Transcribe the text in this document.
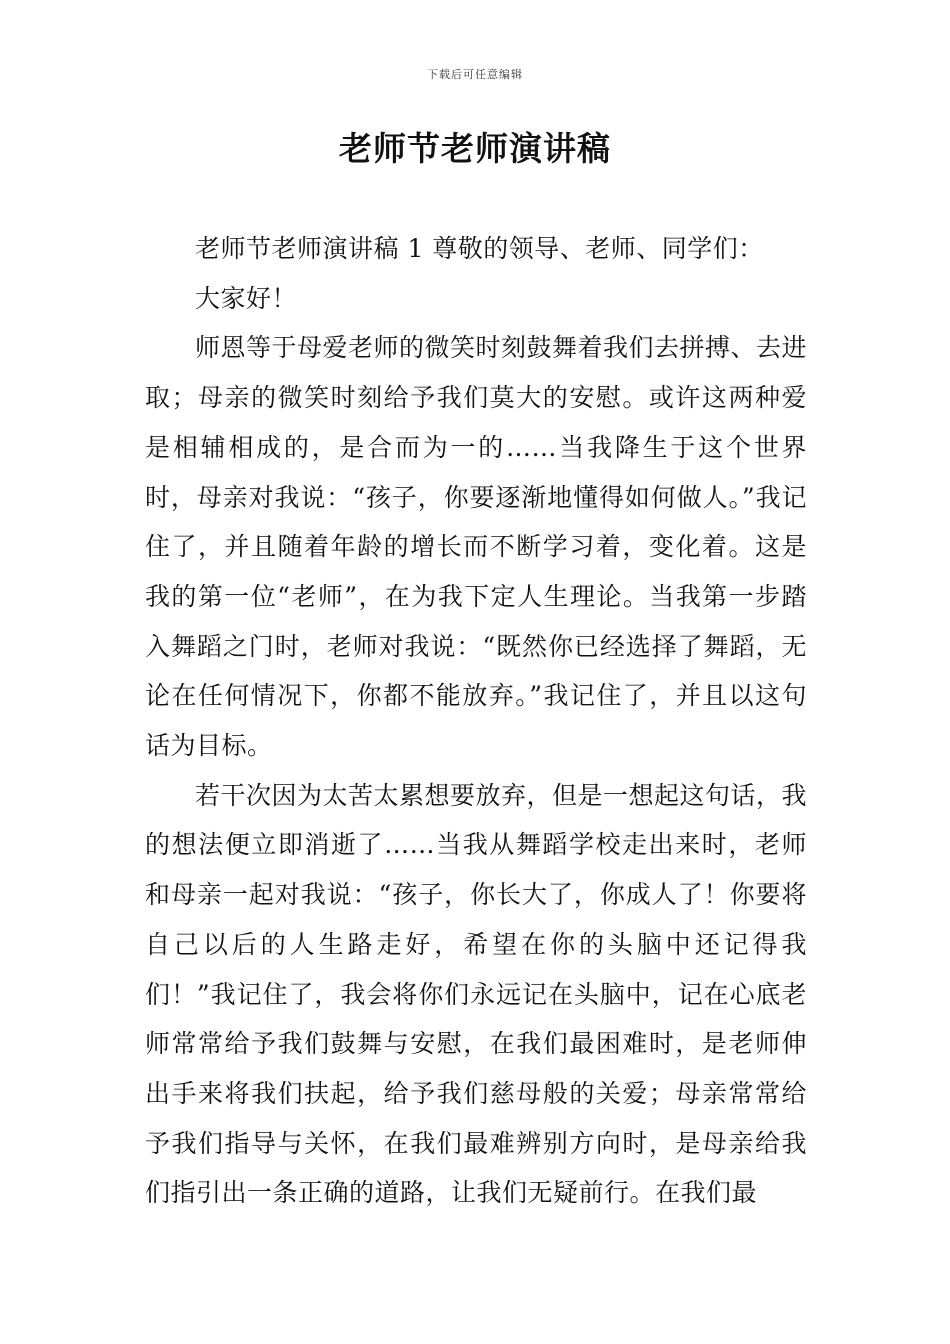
下载后可任意编辑
老师节老师演讲稿

老师节老师演讲稿 1 尊敬的领导、老师、同学们：

大家好！

师恩等于母爱老师的微笑时刻鼓舞着我们去拼搏、去进取；母亲的微笑时刻给予我们莫大的安慰。或许这两种爱是相辅相成的，是合而为一的……当我降生于这个世界时，母亲对我说：“孩子，你要逐渐地懂得如何做人。”我记住了，并且随着年龄的增长而不断学习着，变化着。这是我的第一位“老师”，在为我下定人生理论。当我第一步踏入舞蹈之门时，老师对我说：“既然你已经选择了舞蹈，无论在任何情况下，你都不能放弃。”我记住了，并且以这句话为目标。

若干次因为太苦太累想要放弃，但是一想起这句话，我的想法便立即消逝了……当我从舞蹈学校走出来时，老师和母亲一起对我说：“孩子，你长大了，你成人了！你要将自己以后的人生路走好，希望在你的头脑中还记得我们！”我记住了，我会将你们永远记在头脑中，记在心底老师常常给予我们鼓舞与安慰，在我们最困难时，是老师伸出手来将我们扶起，给予我们慈母般的关爱；母亲常常给予我们指导与关怀，在我们最难辨别方向时，是母亲给我们指引出一条正确的道路，让我们无疑前行。在我们最
